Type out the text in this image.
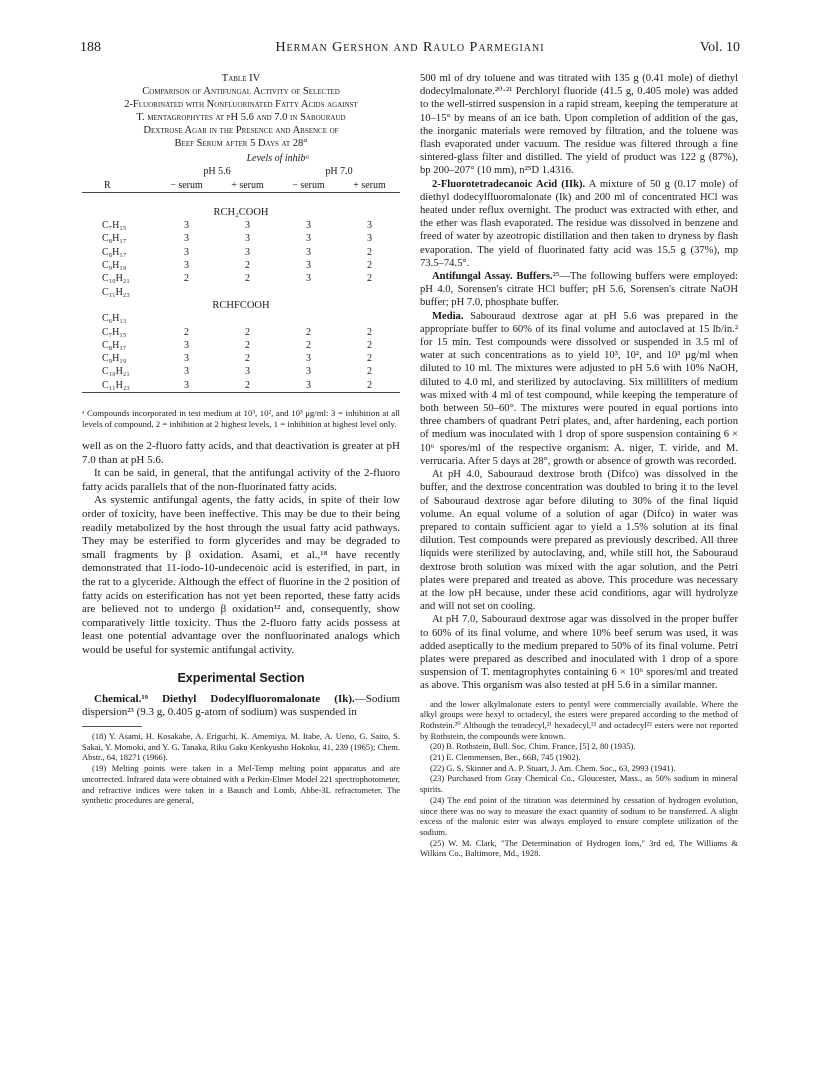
188	Herman Gershon and Raulo Parmegiani	Vol. 10
Table IV
Comparison of Antifungal Activity of Selected
2-Fluorinated with Nonfluorinated Fatty Acids against
T. mentagrophytes at pH 5.6 and 7.0 in Sabouraud
Dextrose Agar in the Presence and Absence of
Beef Serum after 5 Days at 28°
	Levels of inhibᵃ			
	pH 5.6		pH 7.0	
R	− serum	+ serum	− serum	+ serum

RCH₂COOH				
C₇H₁₅	3	3	3	3
C₈H₁₇	3	3	3	3
C₈H₁₇	3	3	3	2
C₉H₁₉	3	2	3	2
C₁₀H₂₁	2	2	3	2
C₁₁H₂₃				
RCHFCOOH				
C₆H₁₃				
C₇H₁₅	2	2	2	2
C₈H₁₇	3	2	2	2
C₉H₁₉	3	2	3	2
C₁₀H₂₁	3	3	3	2
C₁₁H₂₃	3	2	3	2

ᵃ Compounds incorporated in test medium at 10³, 10², and 10³ μg/ml: 3 = inhibition at all levels of compound, 2 = inhibition at 2 highest levels, 1 = inhibition at highest level only.

well as on the 2-fluoro fatty acids, and that deactivation is greater at pH 7.0 than at pH 5.6.

It can be said, in general, that the antifungal activity of the 2-fluoro fatty acids parallels that of the non-fluorinated fatty acids.

As systemic antifungal agents, the fatty acids, in spite of their low order of toxicity, have been ineffective. This may be due to their being readily metabolized by the host through the usual fatty acid pathways. They may be esterified to form glycerides and may be degraded to small fragments by β oxidation. Asami, et al.,¹⁸ have recently demonstrated that 11-iodo-10-undecenoic acid is esterified, in part, in the rat to a glyceride. Although the effect of fluorine in the 2 position of fatty acids on esterification has not yet been reported, these fatty acids are believed not to undergo β oxidation¹² and, consequently, show comparatively little toxicity. Thus the 2-fluoro fatty acids possess at least one potential advantage over the nonfluorinated analogs which would be useful for systemic antifungal activity.

Experimental Section

Chemical.¹⁹ Diethyl Dodecylfluoromalonate (Ik).—Sodium dispersion²³ (9.3 g, 0.405 g-atom of sodium) was suspended in

(18) Y. Asami, H. Kosakabe, A. Eriguchi, K. Amemiya, M. Itabe, A. Ueno, G. Saito, S. Sakai, Y. Momoki, and Y. G. Tanaka, Riku Gaku Kenkyusho Hokoku, 41, 239 (1965); Chem. Abstr., 64, 18271 (1966).

(19) Melting points were taken in a Mel-Temp melting point apparatus and are uncorrected. Infrared data were obtained with a Perkin-Elmer Model 221 spectrophotometer, and refractive indices were taken in a Bausch and Lomb, Abbe-3L refractometer. The synthetic procedures are general,

500 ml of dry toluene and was titrated with 135 g (0.41 mole) of diethyl dodecylmalonate.²⁰·²¹ Perchloryl fluoride (41.5 g, 0.405 mole) was added to the well-stirred suspension in a rapid stream, keeping the temperature at 10–15° by means of an ice bath. Upon completion of addition of the gas, the inorganic materials were removed by filtration, and the toluene was flash evaporated under vacuum. The residue was filtered through a fine sintered-glass filter and distilled. The yield of product was 122 g (87%), bp 200–207° (10 mm), n²⁵D 1.4316.

2-Fluorotetradecanoic Acid (IIk). A mixture of 50 g (0.17 mole) of diethyl dodecylfluoromalonate (Ik) and 200 ml of concentrated HCl was heated under reflux overnight. The product was extracted with ether, and the ether was flash evaporated. The residue was dissolved in benzene and freed of water by azeotropic distillation and then taken to dryness by flash evaporation. The yield of fluorinated fatty acid was 15.5 g (37%), mp 73.5–74.5°.

Antifungal Assay. Buffers.²⁵—The following buffers were employed: pH 4.0, Sorensen's citrate HCl buffer; pH 5.6, Sorensen's citrate NaOH buffer; pH 7.0, phosphate buffer.

Media. Sabouraud dextrose agar at pH 5.6 was prepared in the appropriate buffer to 60% of its final volume and autoclaved at 15 lb/in.² for 15 min. Test compounds were dissolved or suspended in 3.5 ml of water at such concentrations as to yield 10³, 10², and 10³ μg/ml when diluted to 10 ml. The mixtures were adjusted to pH 5.6 with 10% NaOH, diluted to 4.0 ml, and sterilized by autoclaving. Six milliliters of medium was mixed with 4 ml of test compound, while keeping the temperature of both between 50–60°. The mixtures were poured in equal portions into three chambers of quadrant Petri plates, and, after hardening, each portion of medium was inoculated with 1 drop of spore suspension containing 6 × 10⁶ spores/ml of the respective organism: A. niger, T. viride, and M. verrucaria. After 5 days at 28°, growth or absence of growth was recorded.

At pH 4.0, Sabouraud dextrose broth (Difco) was dissolved in the buffer, and the dextrose concentration was doubled to bring it to the level of Sabouraud dextrose agar before diluting to 30% of the final liquid volume. An equal volume of a solution of agar (Difco) in water was prepared to contain sufficient agar to yield a 1.5% solution at its final dilution. Test compounds were prepared as previously described. All three liquids were sterilized by autoclaving, and, while still hot, the Sabouraud dextrose broth solution was mixed with the agar solution, and the Petri plates were prepared and treated as above. This procedure was necessary at the low pH because, under these acid conditions, agar will hydrolyze and will not set on cooling.

At pH 7.0, Sabouraud dextrose agar was dissolved in the proper buffer to 60% of its final volume, and where 10% beef serum was used, it was added aseptically to the medium prepared to 50% of its final volume. Petri plates were prepared as described and inoculated with 1 drop of a spore suspension of T. mentagrophytes containing 6 × 10⁶ spores/ml and treated as above. This organism was also tested at pH 5.6 in a similar manner.

and the lower alkylmalonate esters to pentyl were commercially available. Where the alkyl groups were hexyl to octadecyl, the esters were prepared according to the method of Rothstein.²⁰ Although the tetradecyl,²¹ hexadecyl,²² and octadecyl²² esters were not reported by Rothstein, the compounds were known.

(20) B. Rothstein, Bull. Soc. Chim. France, [5] 2, 80 (1935).

(21) E. Clemmensen, Ber., 66B, 745 (1902).

(22) G. S. Skinner and A. P. Stuart, J. Am. Chem. Soc., 63, 2993 (1941).

(23) Purchased from Gray Chemical Co., Gloucester, Mass., as 50% sodium in mineral spirits.

(24) The end point of the titration was determined by cessation of hydrogen evolution, since there was no way to measure the exact quantity of sodium to be transferred. A slight excess of the malonic ester was always employed to ensure complete utilization of the sodium.

(25) W. M. Clark, "The Determination of Hydrogen Ions," 3rd ed, The Williams & Wilkins Co., Baltimore, Md., 1928.
